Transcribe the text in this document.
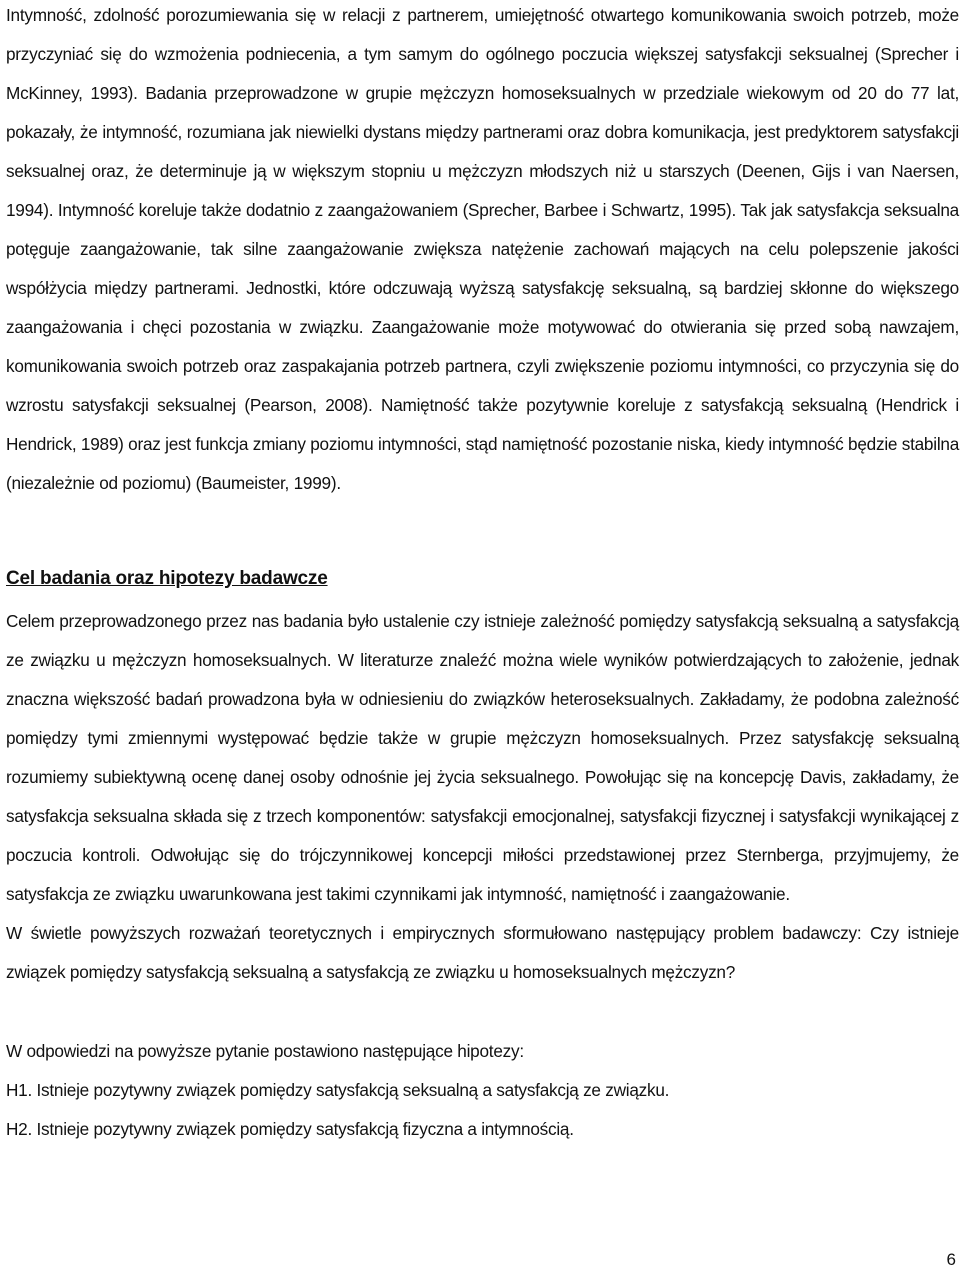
Intymność, zdolność porozumiewania się w relacji z partnerem, umiejętność otwartego komunikowania swoich potrzeb, może przyczyniać się do wzmożenia podniecenia, a tym samym do ogólnego poczucia większej satysfakcji seksualnej (Sprecher i McKinney, 1993). Badania przeprowadzone w grupie mężczyzn homoseksualnych w przedziale wiekowym od 20 do 77 lat, pokazały, że intymność, rozumiana jak niewielki dystans między partnerami oraz dobra komunikacja, jest predyktorem satysfakcji seksualnej oraz, że determinuje ją w większym stopniu u mężczyzn młodszych niż u starszych (Deenen, Gijs i van Naersen, 1994). Intymność koreluje także dodatnio z zaangażowaniem (Sprecher, Barbee i Schwartz, 1995). Tak jak satysfakcja seksualna potęguje zaangażowanie, tak silne zaangażowanie zwiększa natężenie zachowań mających na celu polepszenie jakości współżycia między partnerami. Jednostki, które odczuwają wyższą satysfakcję seksualną, są bardziej skłonne do większego zaangażowania i chęci pozostania w związku. Zaangażowanie może motywować do otwierania się przed sobą nawzajem, komunikowania swoich potrzeb oraz zaspakajania potrzeb partnera, czyli zwiększenie poziomu intymności, co przyczynia się do wzrostu satysfakcji seksualnej (Pearson, 2008). Namiętność także pozytywnie koreluje z satysfakcją seksualną (Hendrick i Hendrick, 1989) oraz jest funkcja zmiany poziomu intymności, stąd namiętność pozostanie niska, kiedy intymność będzie stabilna (niezależnie od poziomu) (Baumeister, 1999).

Cel badania oraz hipotezy badawcze

Celem przeprowadzonego przez nas badania było ustalenie czy istnieje zależność pomiędzy satysfakcją seksualną a satysfakcją ze związku u mężczyzn homoseksualnych. W literaturze znaleźć można wiele wyników potwierdzających to założenie, jednak znaczna większość badań prowadzona była w odniesieniu do związków heteroseksualnych. Zakładamy, że podobna zależność pomiędzy tymi zmiennymi występować będzie także w grupie mężczyzn homoseksualnych. Przez satysfakcję seksualną rozumiemy subiektywną ocenę danej osoby odnośnie jej życia seksualnego. Powołując się na koncepcję Davis, zakładamy, że satysfakcja seksualna składa się z trzech komponentów: satysfakcji emocjonalnej, satysfakcji fizycznej i satysfakcji wynikającej z poczucia kontroli. Odwołując się do trójczynnikowej koncepcji miłości przedstawionej przez Sternberga, przyjmujemy, że satysfakcja ze związku uwarunkowana jest takimi czynnikami jak intymność, namiętność i zaangażowanie.

W świetle powyższych rozważań teoretycznych i empirycznych sformułowano następujący problem badawczy: Czy istnieje związek pomiędzy satysfakcją seksualną a satysfakcją ze związku u homoseksualnych mężczyzn?

W odpowiedzi na powyższe pytanie postawiono następujące hipotezy:

H1. Istnieje pozytywny związek pomiędzy satysfakcją seksualną a satysfakcją ze związku.

H2. Istnieje pozytywny związek pomiędzy satysfakcją fizyczna a intymnością.

6
